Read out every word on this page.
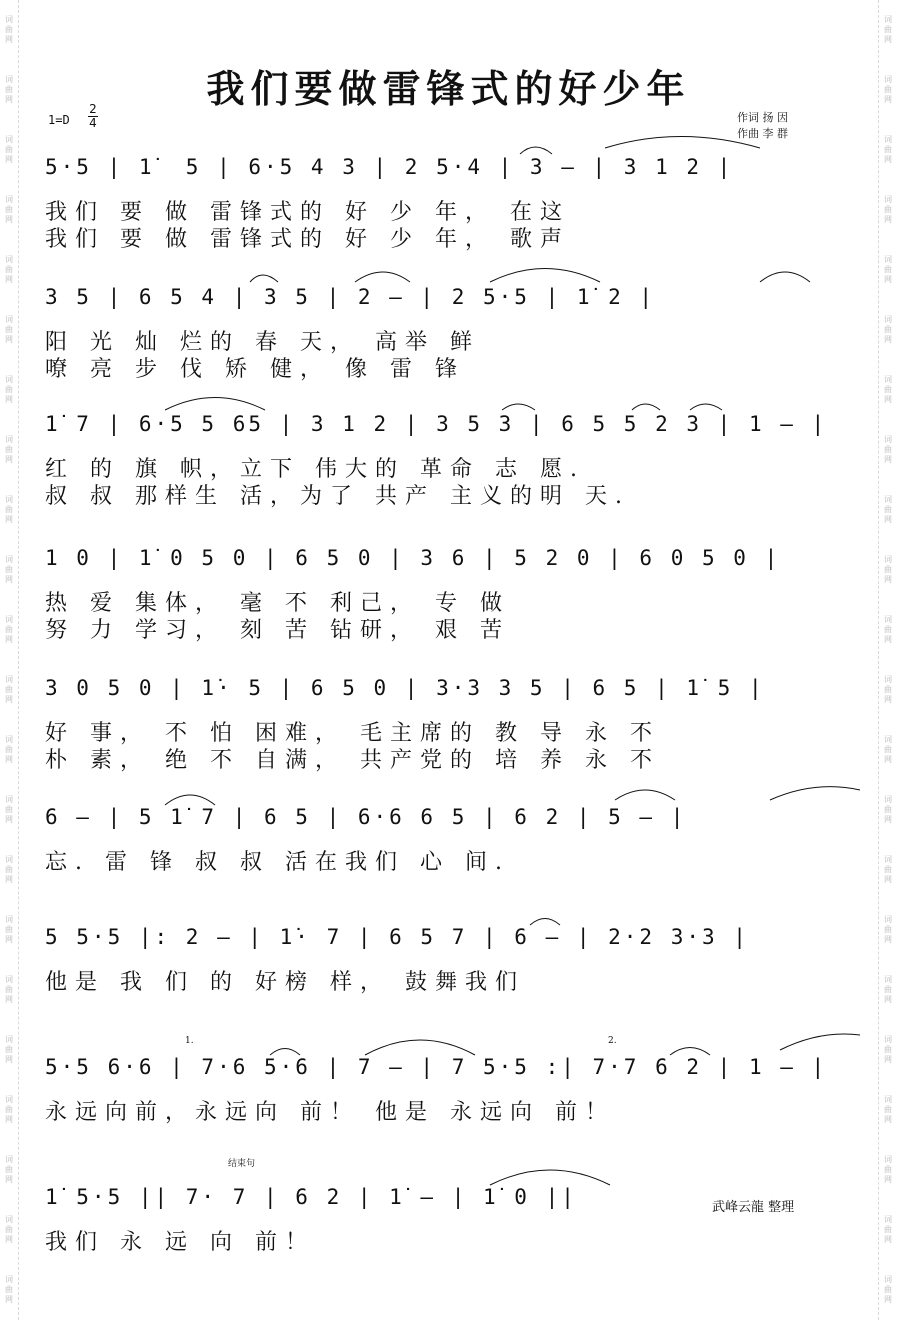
词
曲
网
词
曲
网
词
曲
网
词
曲
网
词
曲
网
词
曲
网
词
曲
网
词
曲
网
词
曲
网
词
曲
网
词
曲
网
词
曲
网
词
曲
网
词
曲
网
词
曲
网
词
曲
网
词
曲
网
词
曲
网
词
曲
网
词
曲
网
词
曲
网
词
曲
网
词
曲
网
词
曲
网
词
曲
网
词
曲
网
词
曲
网
词
曲
网
词
曲
网
词
曲
网
词
曲
网
词
曲
网
词
曲
网
词
曲
网
词
曲
网
词
曲
网
词
曲
网
词
曲
网
词
曲
网
词
曲
网
词
曲
网
词
曲
网
词
曲
网
词
曲
网
我们要做雷锋式的好少年
1=D
2
4	作词 扬 因
作曲 李 群
5·5 | 1̇  5 | 6·5 4 3 | 2 5·4 | 3 – | 3 1 2 |
我们 要 做 雷锋式的 好 少 年， 在这
我们 要 做 雷锋式的 好 少 年， 歌声
3 5 | 6 5 4 | 3 5 | 2 – | 2 5·5 | 1̇ 2 |
阳 光 灿 烂的 春 天， 高举 鲜
嘹 亮 步 伐 矫 健， 像 雷 锋
1̇ 7 | 6·5 5 65 | 3 1 2 | 3 5 3 | 6 5 5 2 3 | 1 – |
红 的 旗 帜，立下 伟大的 革命 志 愿.
叔 叔 那样生 活，为了 共产 主义的明 天.
1 0 | 1̇ 0 5 0 | 6 5 0 | 3 6 | 5 2 0 | 6 0 5 0 |
热 爱 集体， 毫 不 利己， 专 做
努 力 学习， 刻 苦 钻研， 艰 苦
3 0 5 0 | 1̇· 5 | 6 5 0 | 3·3 3 5 | 6 5 | 1̇ 5 |
好 事， 不 怕 困难， 毛主席的 教 导 永 不
朴 素， 绝 不 自满， 共产党的 培 养 永 不
6 – | 5 1̇ 7 | 6 5 | 6·6 6 5 | 6 2 | 5 – |
忘. 雷 锋 叔 叔 活在我们 心 间.
5 5·5 |: 2 – | 1̇· 7 | 6 5 7 | 6 – | 2·2 3·3 |
他是 我 们 的 好榜 样， 鼓舞我们
5·5 6·6 | 7·6 5·6 | 7 – | 7 5·5 :| 7·7 6 2 | 1 – |
永远向前，永远向 前！ 他是 永远向 前！
1̇ 5·5 || 7· 7 | 6 2 | 1̇ – | 1̇ 0 ||
我们 永 远 向 前！
1.	2.
结束句
武峰云龍 整理
